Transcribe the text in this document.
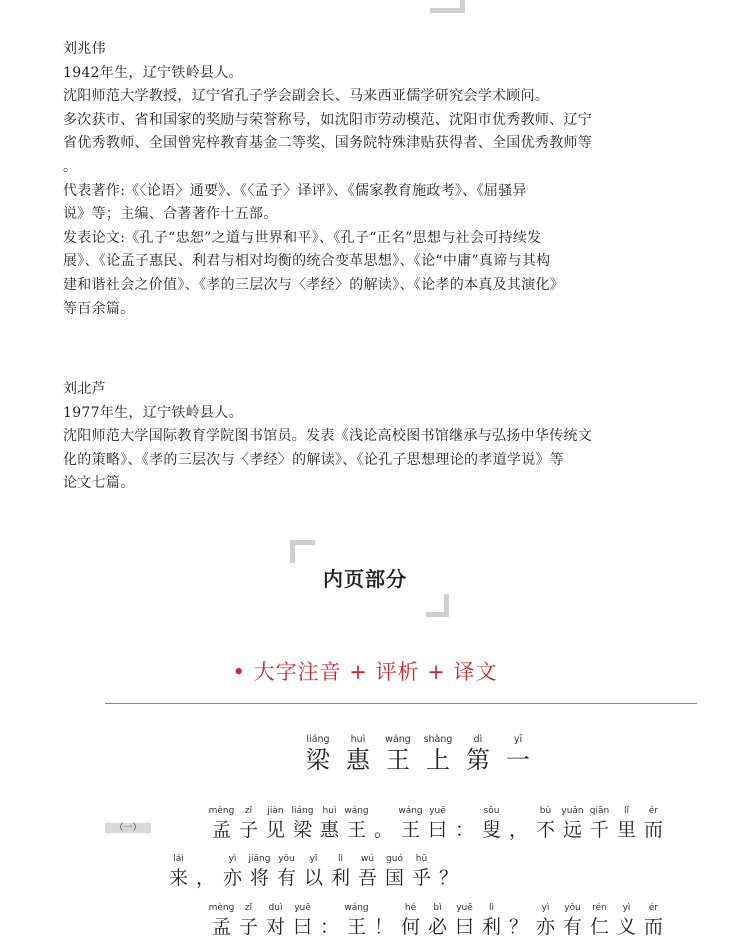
刘兆伟

1942年生，辽宁铁岭县人。

沈阳师范大学教授，辽宁省孔子学会副会长、马来西亚儒学研究会学术顾问。

多次获市、省和国家的奖励与荣誉称号，如沈阳市劳动模范、沈阳市优秀教师、辽宁

省优秀教师、全国曾宪梓教育基金二等奖、国务院特殊津贴获得者、全国优秀教师等

。

代表著作:《〈论语〉通要》、《〈孟子〉译评》、《儒家教育施政考》、《屈骚异

说》等；主编、合著著作十五部。

发表论文:《孔子“忠恕”之道与世界和平》、《孔子“正名”思想与社会可持续发

展》、《论孟子惠民、利君与相对均衡的统合变革思想》、《论“中庸”真谛与其构

建和谐社会之价值》、《孝的三层次与〈孝经〉的解读》、《论孝的本真及其演化》

等百余篇。

刘北芦

1977年生，辽宁铁岭县人。

沈阳师范大学国际教育学院图书馆员。发表《浅论高校图书馆继承与弘扬中华传统文

化的策略》、《孝的三层次与〈孝经〉的解读》、《论孔子思想理论的孝道学说》等

论文七篇。

内页部分
• 大字注音 + 评析 + 译文
liáng
梁
huì
惠
wáng
王
shàng
上
dì
第
yī
一
（一）
mèng
孟
zǐ
子
jiàn
见
liáng
梁
huì
惠
wáng
王 。
wáng
王
yuē
曰 ：
sǒu
叟 ，
bù
不
yuǎn
远
qiān
千
lǐ
里
ér
而
lái
来 ，
yì
亦
jiāng
将
yǒu
有
yǐ
以
lì
利
wú
吾
guó
国
hū
乎 ？
mèng
孟
zǐ
子
duì
对
yuē
曰 ：
wáng
王 ！
hé
何
bì
必
yuē
曰
lì
利 ？
yì
亦
yǒu
有
rén
仁
yì
义
ér
而
